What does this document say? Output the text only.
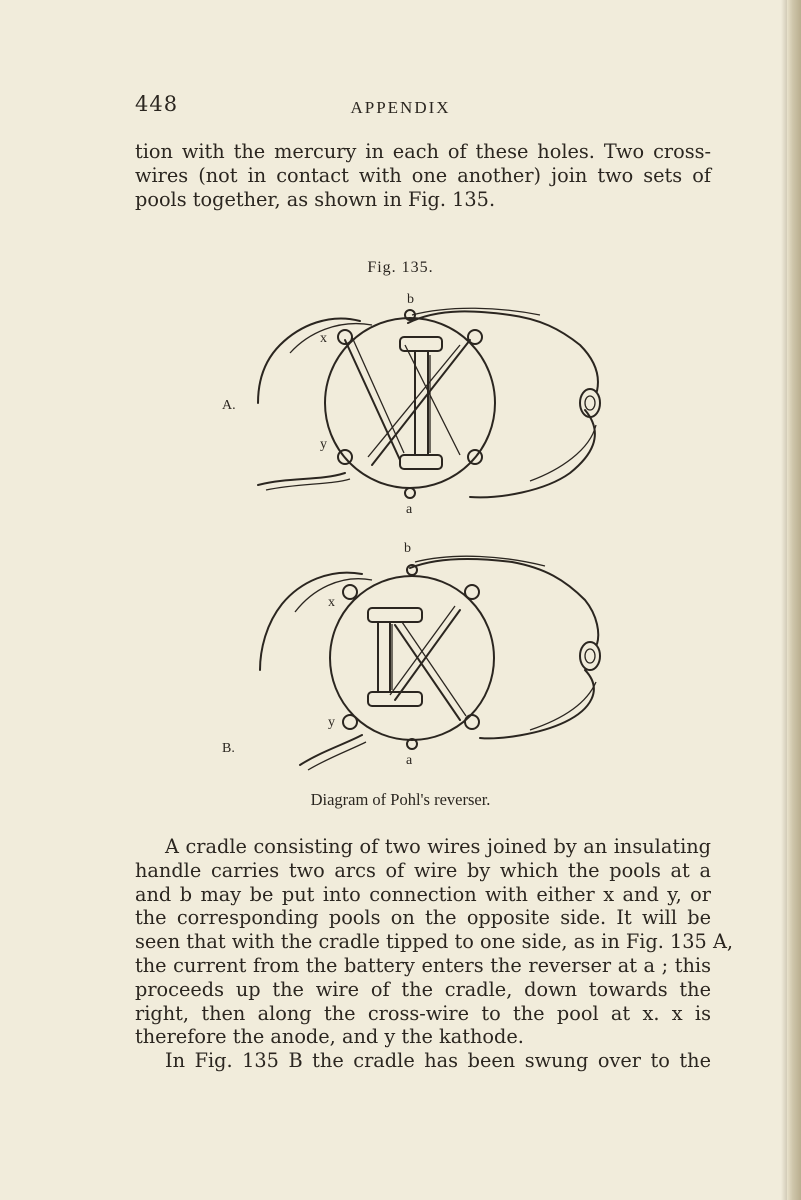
448	APPENDIX
tion with the mercury in each of these holes. Two cross-
wires (not in contact with one another) join two sets of
pools together, as shown in Fig. 135.
Fig. 135.
A.
b
a
x
y
B.
b
a
x
y
Diagram of Pohl's reverser.
A cradle consisting of two wires joined by an insulating
handle carries two arcs of wire by which the pools at a
and b may be put into connection with either x and y, or
the corresponding pools on the opposite side. It will be
seen that with the cradle tipped to one side, as in Fig. 135 A,
the current from the battery enters the reverser at a ; this
proceeds up the wire of the cradle, down towards the
right, then along the cross-wire to the pool at x. x is
therefore the anode, and y the kathode.
In Fig. 135 B the cradle has been swung over to the
